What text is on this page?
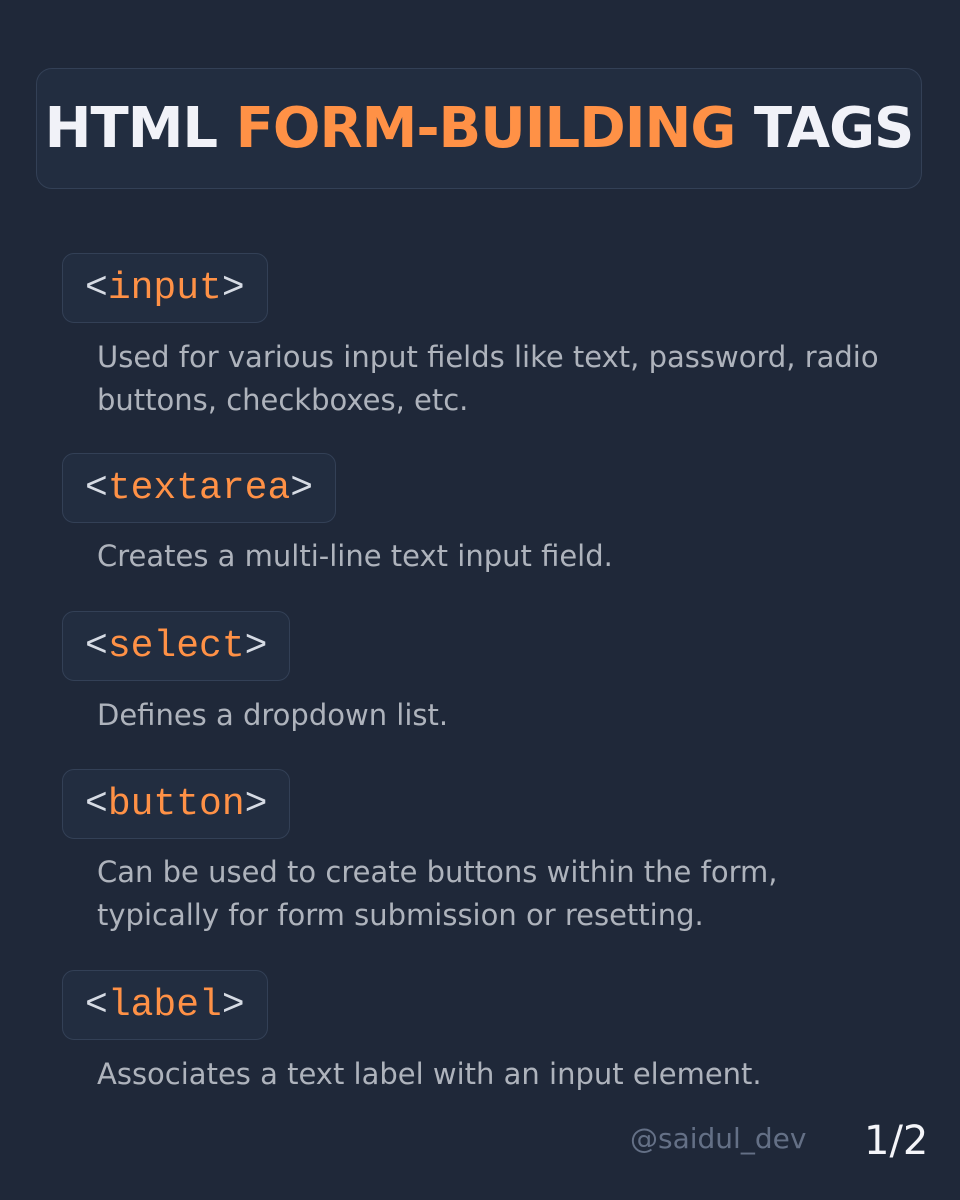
HTML FORM-BUILDING TAGS
< input >

Used for various input fields like text, password, radio buttons, checkboxes, etc.

< textarea >

Creates a multi-line text input field.

< select >

Defines a dropdown list.

< button >

Can be used to create buttons within the form, typically for form submission or resetting.

< label >

Associates a text label with an input element.

@saidul_dev 1/2
